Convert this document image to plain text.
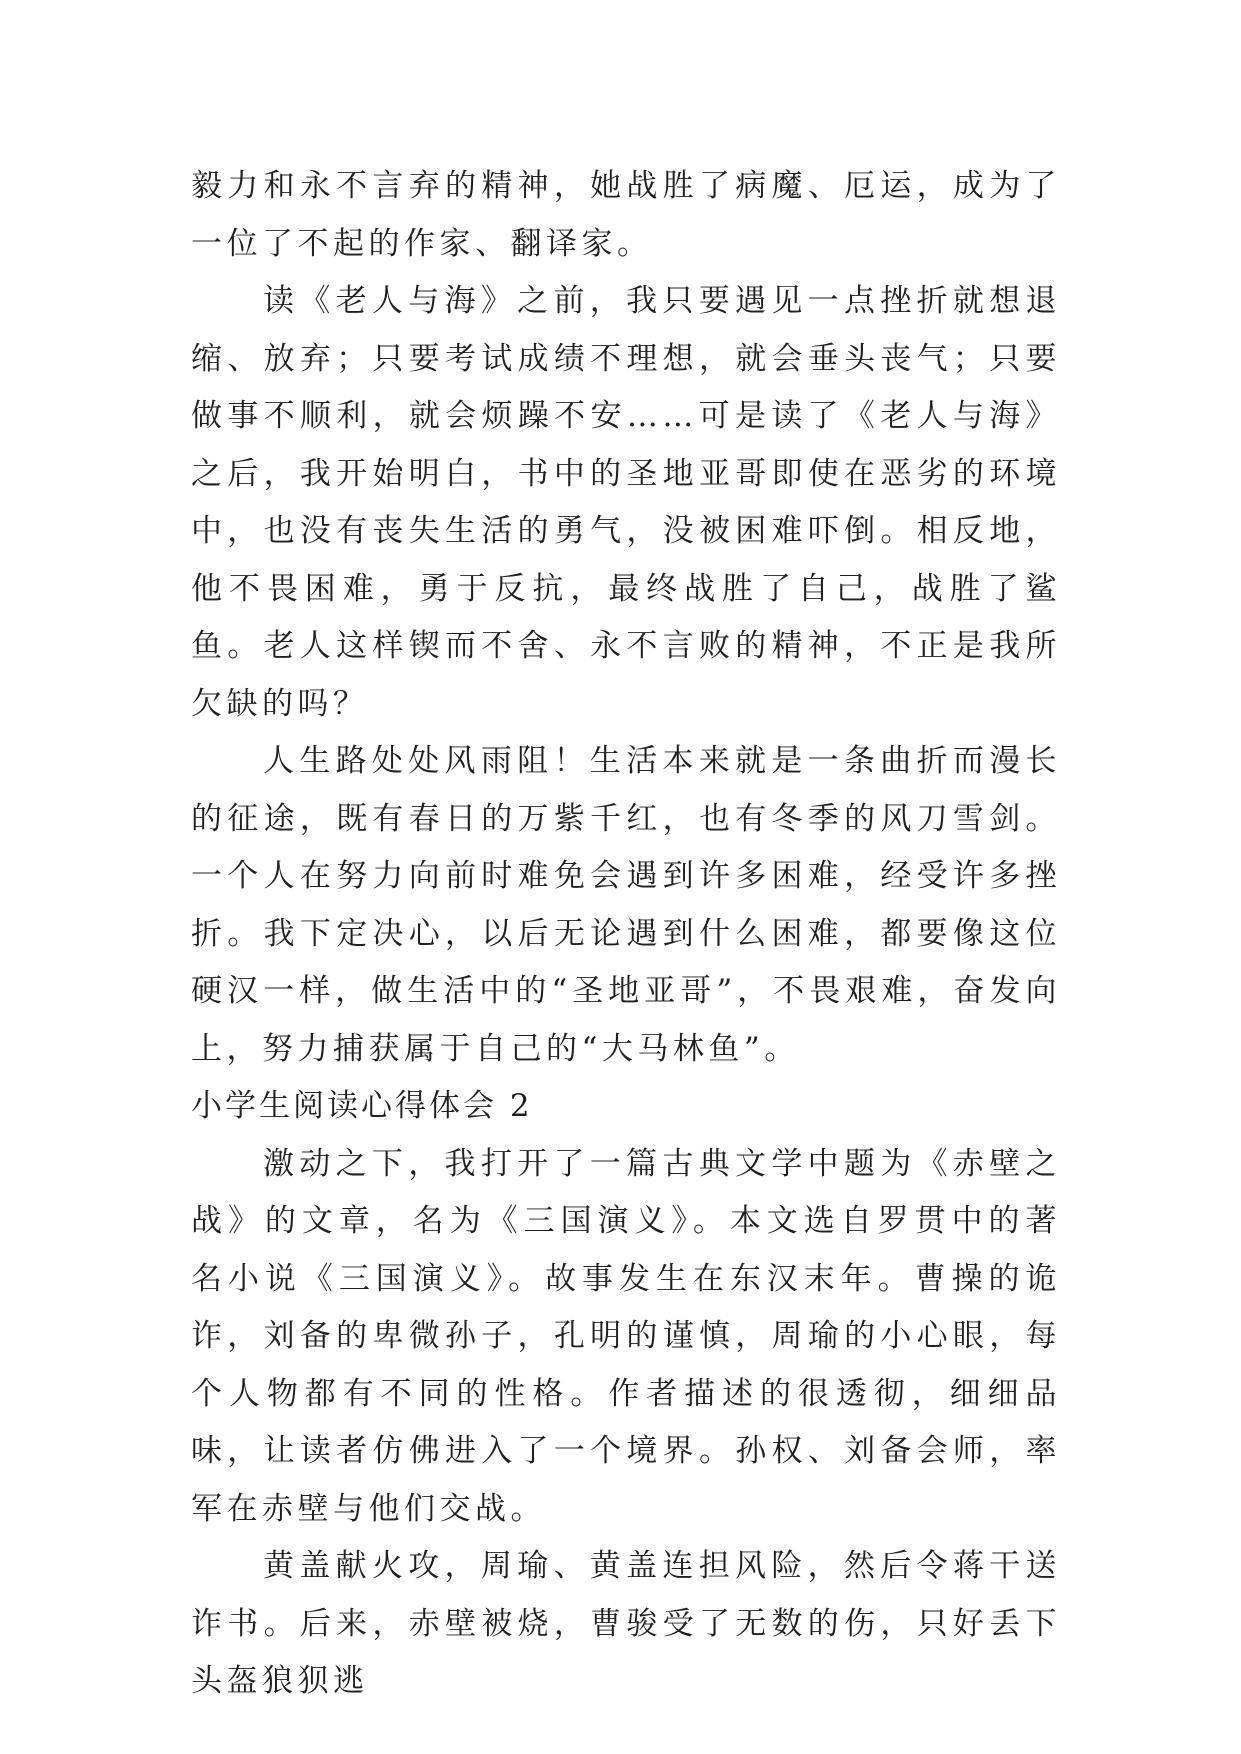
毅力和永不言弃的精神，她战胜了病魔、厄运，成为了一位了不起的作家、翻译家。

读《老人与海》之前，我只要遇见一点挫折就想退缩、放弃；只要考试成绩不理想，就会垂头丧气；只要做事不顺利，就会烦躁不安……可是读了《老人与海》之后，我开始明白，书中的圣地亚哥即使在恶劣的环境中，也没有丧失生活的勇气，没被困难吓倒。相反地，他不畏困难，勇于反抗，最终战胜了自己，战胜了鲨鱼。老人这样锲而不舍、永不言败的精神，不正是我所欠缺的吗？

人生路处处风雨阻！生活本来就是一条曲折而漫长的征途，既有春日的万紫千红，也有冬季的风刀雪剑。一个人在努力向前时难免会遇到许多困难，经受许多挫折。我下定决心，以后无论遇到什么困难，都要像这位硬汉一样，做生活中的“圣地亚哥”，不畏艰难，奋发向上，努力捕获属于自己的“大马林鱼”。

小学生阅读心得体会 2

激动之下，我打开了一篇古典文学中题为《赤壁之战》的文章，名为《三国演义》。本文选自罗贯中的著名小说《三国演义》。故事发生在东汉末年。曹操的诡诈，刘备的卑微孙子，孔明的谨慎，周瑜的小心眼，每个人物都有不同的性格。作者描述的很透彻，细细品味，让读者仿佛进入了一个境界。孙权、刘备会师，率军在赤壁与他们交战。

黄盖献火攻，周瑜、黄盖连担风险，然后令蒋干送诈书。后来，赤壁被烧，曹骏受了无数的伤，只好丢下头盔狼狈逃
